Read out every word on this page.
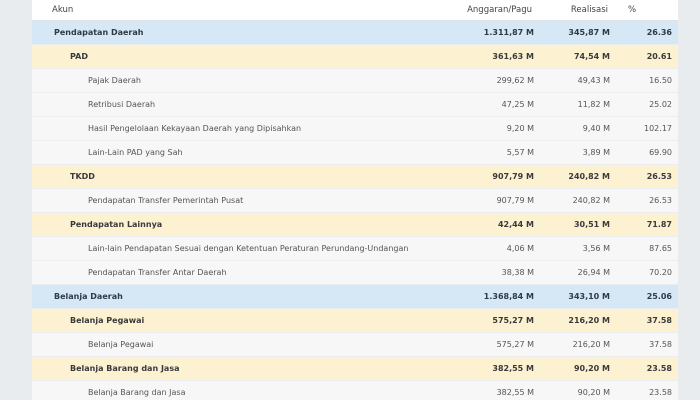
Akun	Anggaran/Pagu	Realisasi	%
Pendapatan Daerah	1.311,87 M	345,87 M	26.36
PAD	361,63 M	74,54 M	20.61
Pajak Daerah	299,62 M	49,43 M	16.50
Retribusi Daerah	47,25 M	11,82 M	25.02
Hasil Pengelolaan Kekayaan Daerah yang Dipisahkan	9,20 M	9,40 M	102.17
Lain-Lain PAD yang Sah	5,57 M	3,89 M	69.90
TKDD	907,79 M	240,82 M	26.53
Pendapatan Transfer Pemerintah Pusat	907,79 M	240,82 M	26.53
Pendapatan Lainnya	42,44 M	30,51 M	71.87
Lain-lain Pendapatan Sesuai dengan Ketentuan Peraturan Perundang-Undangan	4,06 M	3,56 M	87.65
Pendapatan Transfer Antar Daerah	38,38 M	26,94 M	70.20
Belanja Daerah	1.368,84 M	343,10 M	25.06
Belanja Pegawai	575,27 M	216,20 M	37.58
Belanja Pegawai	575,27 M	216,20 M	37.58
Belanja Barang dan Jasa	382,55 M	90,20 M	23.58
Belanja Barang dan Jasa	382,55 M	90,20 M	23.58
